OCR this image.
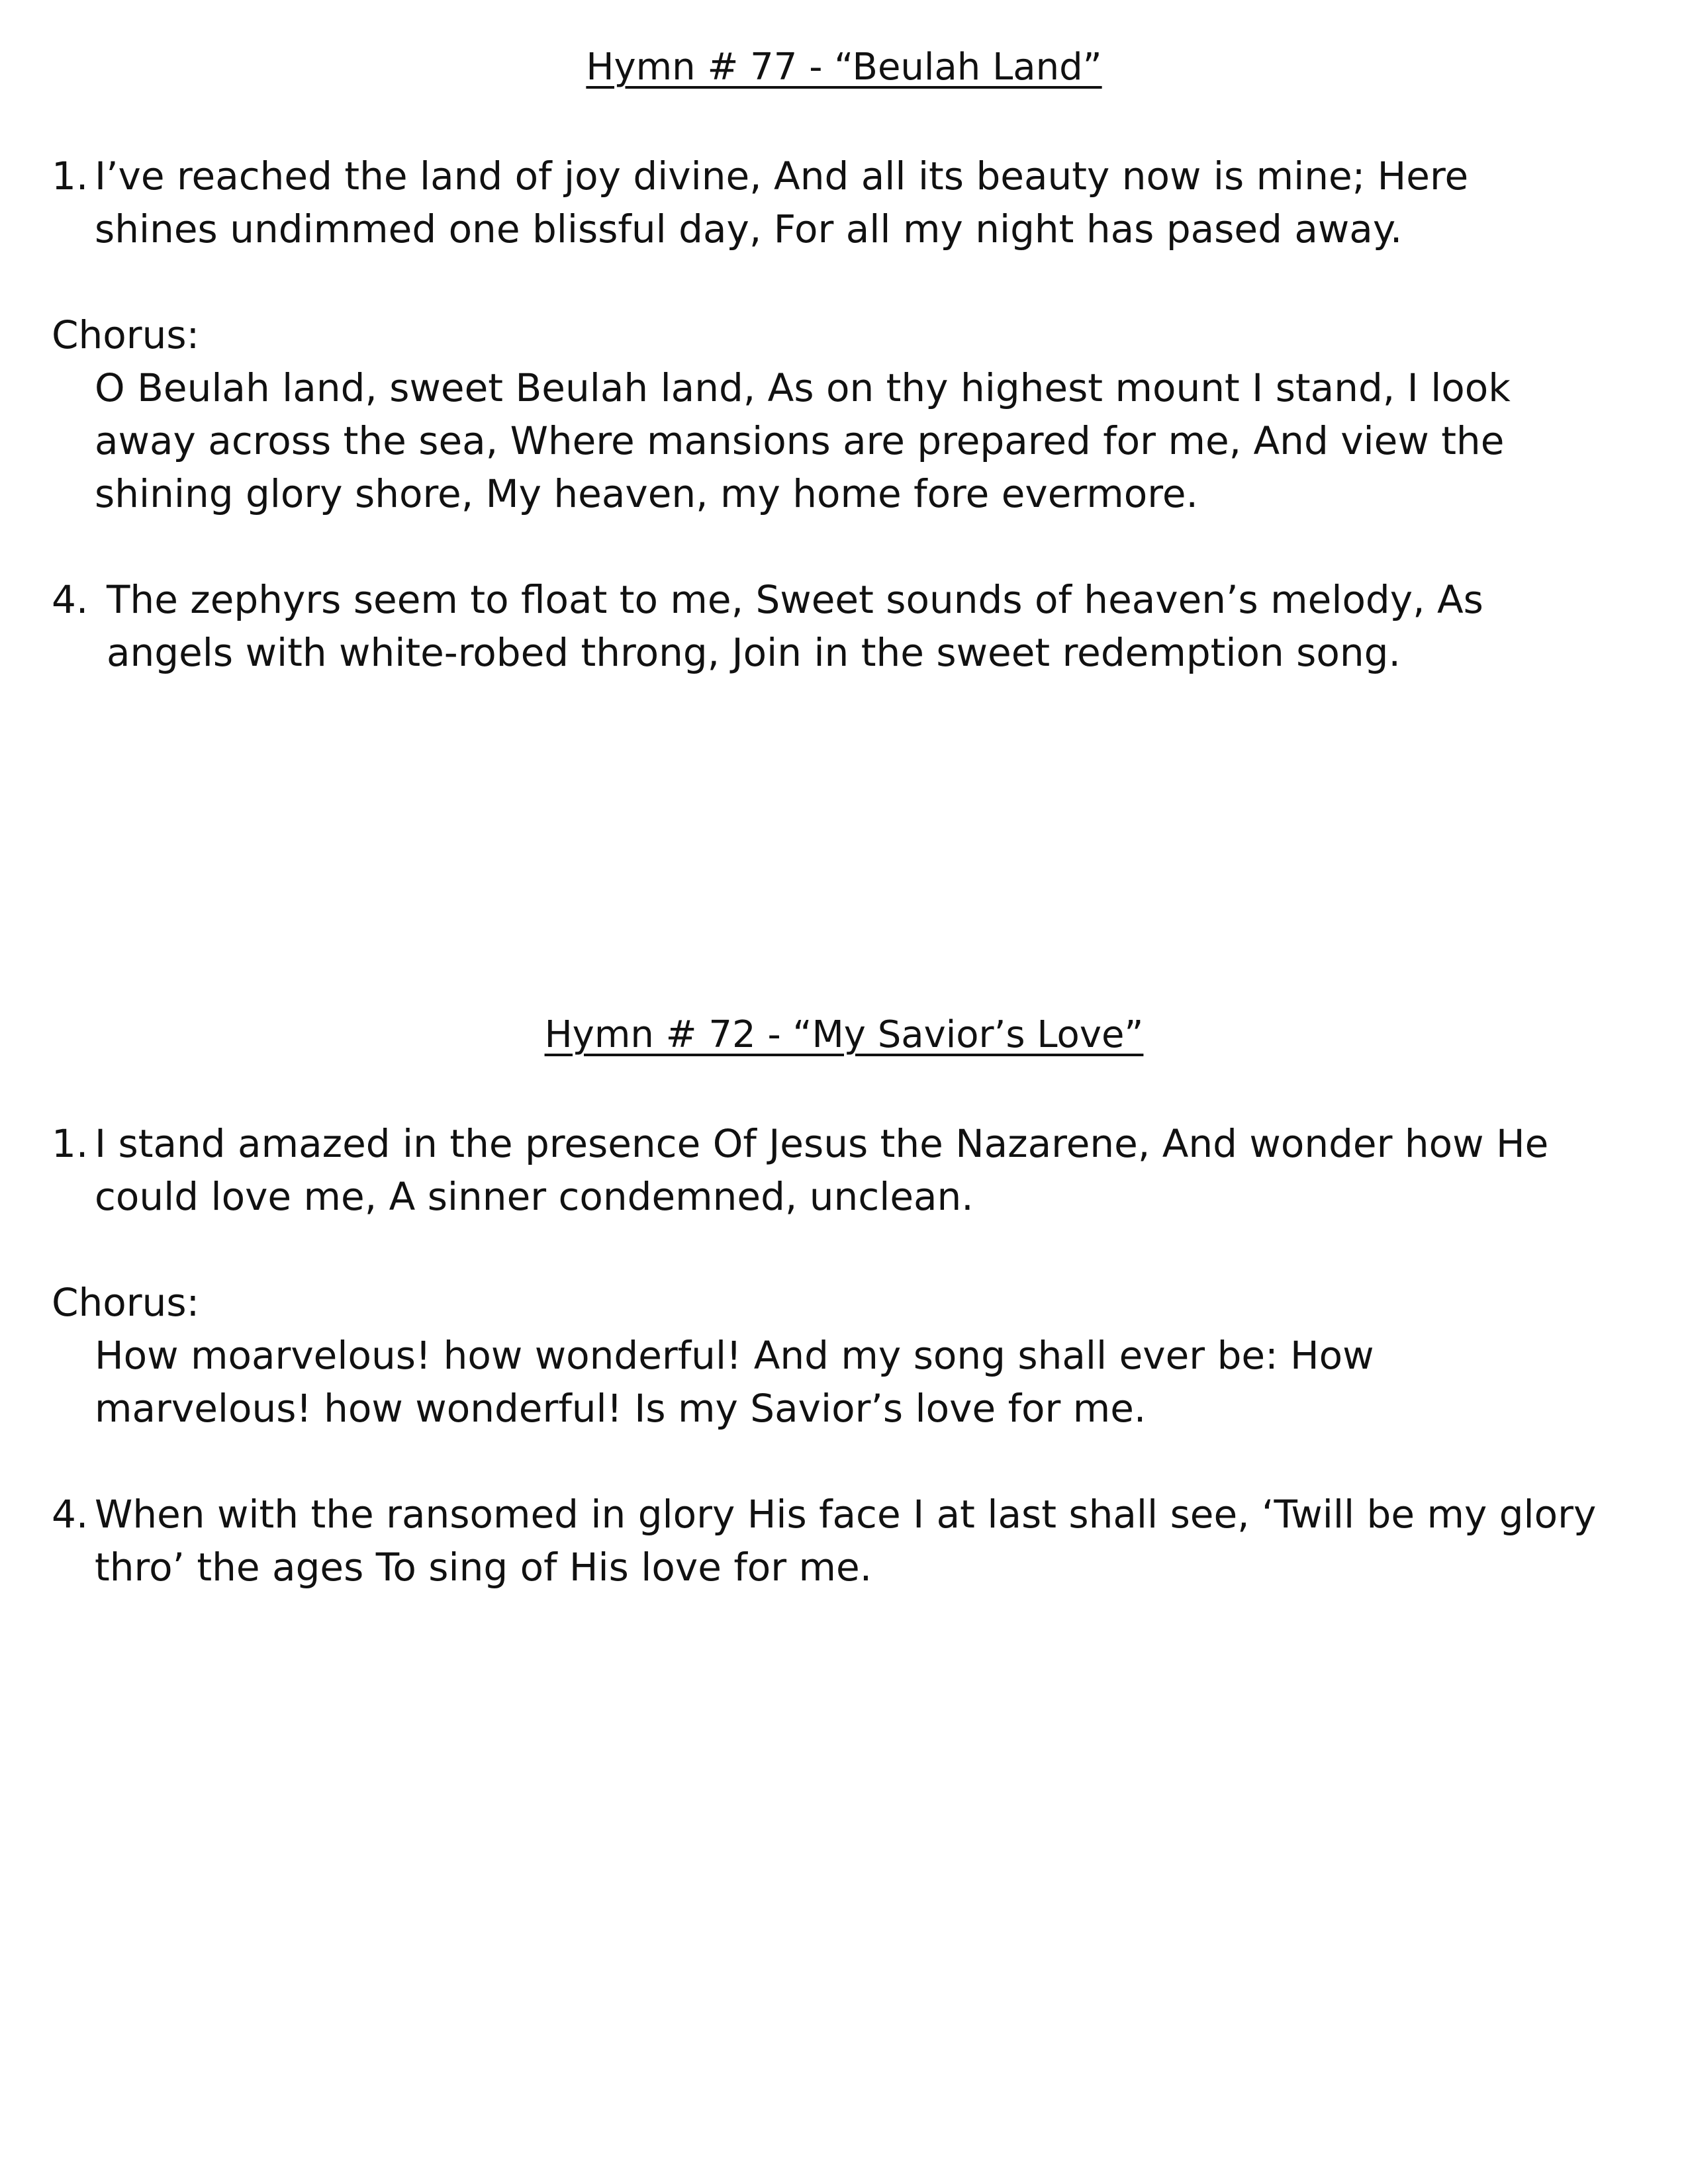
Hymn # 77 - “Beulah Land”
1. I’ve reached the land of joy divine, And all its beauty now is mine; Here shines undimmed one blissful day, For all my night has pased away.
Chorus:
O Beulah land, sweet Beulah land, As on thy highest mount I stand, I look away across the sea, Where mansions are prepared for me, And view the shining glory shore, My heaven, my home fore evermore.
4. The zephyrs seem to float to me, Sweet sounds of heaven’s melody, As angels with white-robed throng, Join in the sweet redemption song.
Hymn # 72 - “My Savior’s Love”
1. I stand amazed in the presence Of Jesus the Nazarene, And wonder how He could love me, A sinner condemned, unclean.
Chorus:
How moarvelous! how wonderful! And my song shall ever be: How marvelous! how wonderful! Is my Savior’s love for me.
4. When with the ransomed in glory His face I at last shall see, ‘Twill be my glory thro’ the ages To sing of His love for me.
